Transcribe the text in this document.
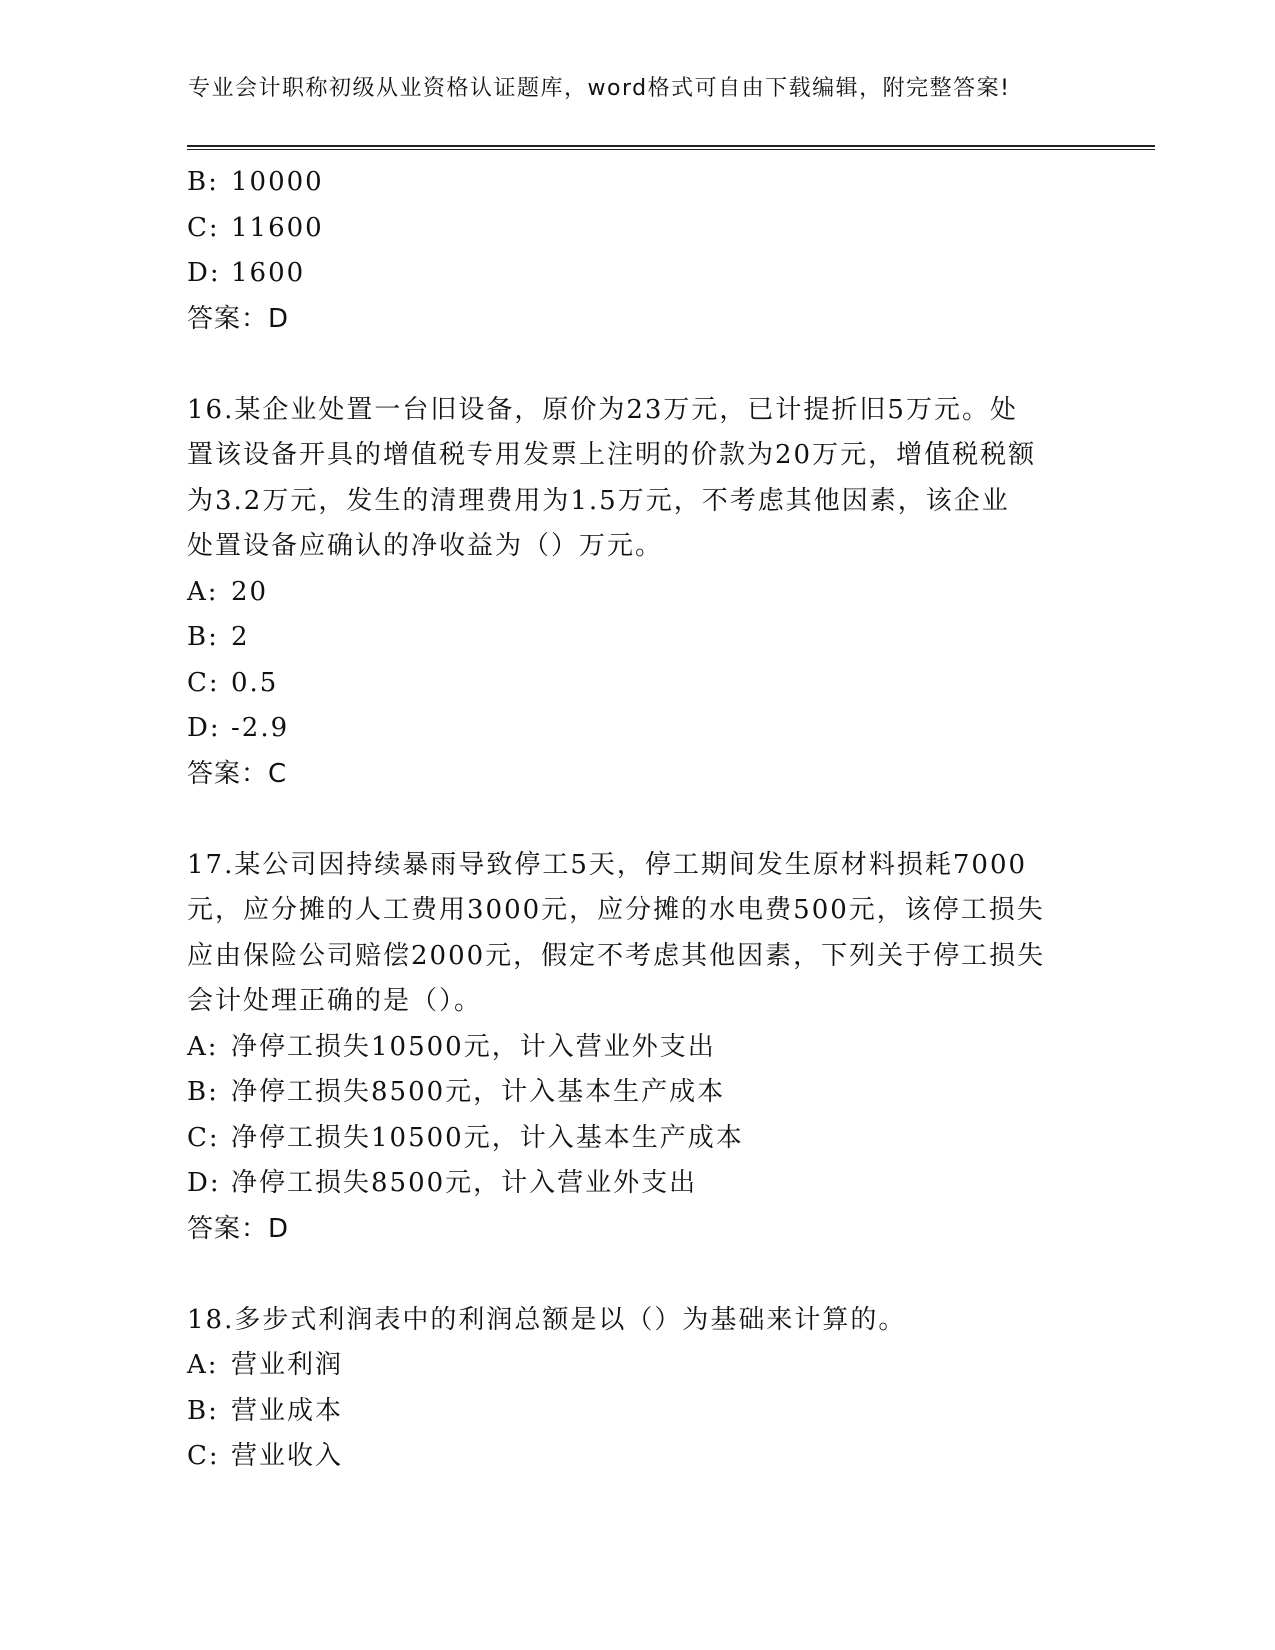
专业会计职称初级从业资格认证题库，word格式可自由下载编辑，附完整答案!
B: 10000
C: 11600
D: 1600
答案：D
16.某企业处置一台旧设备，原价为23万元，已计提折旧5万元。处
置该设备开具的增值税专用发票上注明的价款为20万元，增值税税额
为3.2万元，发生的清理费用为1.5万元，不考虑其他因素，该企业
处置设备应确认的净收益为（）万元。
A: 20
B: 2
C: 0.5
D: -2.9
答案：C
17.某公司因持续暴雨导致停工5天，停工期间发生原材料损耗7000
元，应分摊的人工费用3000元，应分摊的水电费500元，该停工损失
应由保险公司赔偿2000元，假定不考虑其他因素，下列关于停工损失
会计处理正确的是（）。
A: 净停工损失10500元，计入营业外支出
B: 净停工损失8500元，计入基本生产成本
C: 净停工损失10500元，计入基本生产成本
D: 净停工损失8500元，计入营业外支出
答案：D
18.多步式利润表中的利润总额是以（）为基础来计算的。
A: 营业利润
B: 营业成本
C: 营业收入
